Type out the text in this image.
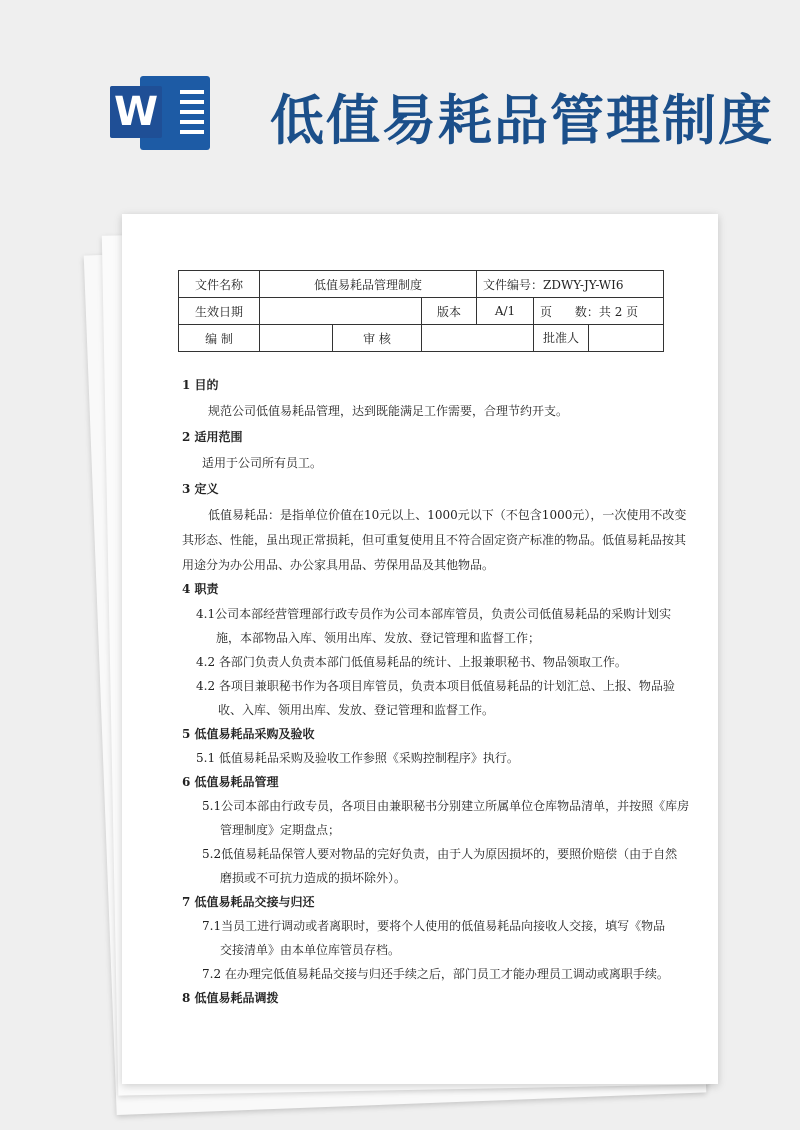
W 低值易耗品管理制度
文件名称	低值易耗品管理制度			文件编号：ZDWY-JY-WI6	
生效日期			版本	A/1	页 数：共 2 页
编 制		审 核			批准人
1 目的
规范公司低值易耗品管理，达到既能满足工作需要，合理节约开支。
2 适用范围
适用于公司所有员工。
3 定义
低值易耗品：是指单位价值在10元以上、1000元以下（不包含1000元），一次使用不改变
其形态、性能，虽出现正常损耗，但可重复使用且不符合固定资产标准的物品。低值易耗品按其
用途分为办公用品、办公家具用品、劳保用品及其他物品。
4 职责
4.1公司本部经营管理部行政专员作为公司本部库管员，负责公司低值易耗品的采购计划实
施，本部物品入库、领用出库、发放、登记管理和监督工作；
4.2 各部门负责人负责本部门低值易耗品的统计、上报兼职秘书、物品领取工作。
4.2 各项目兼职秘书作为各项目库管员，负责本项目低值易耗品的计划汇总、上报、物品验
收、入库、领用出库、发放、登记管理和监督工作。
5 低值易耗品采购及验收
5.1 低值易耗品采购及验收工作参照《采购控制程序》执行。
6 低值易耗品管理
5.1公司本部由行政专员，各项目由兼职秘书分别建立所属单位仓库物品清单，并按照《库房
管理制度》定期盘点；
5.2低值易耗品保管人要对物品的完好负责，由于人为原因损坏的，要照价赔偿（由于自然
磨损或不可抗力造成的损坏除外）。
7 低值易耗品交接与归还
7.1当员工进行调动或者离职时，要将个人使用的低值易耗品向接收人交接，填写《物品
交接清单》由本单位库管员存档。
7.2 在办理完低值易耗品交接与归还手续之后，部门员工才能办理员工调动或离职手续。
8 低值易耗品调拨
